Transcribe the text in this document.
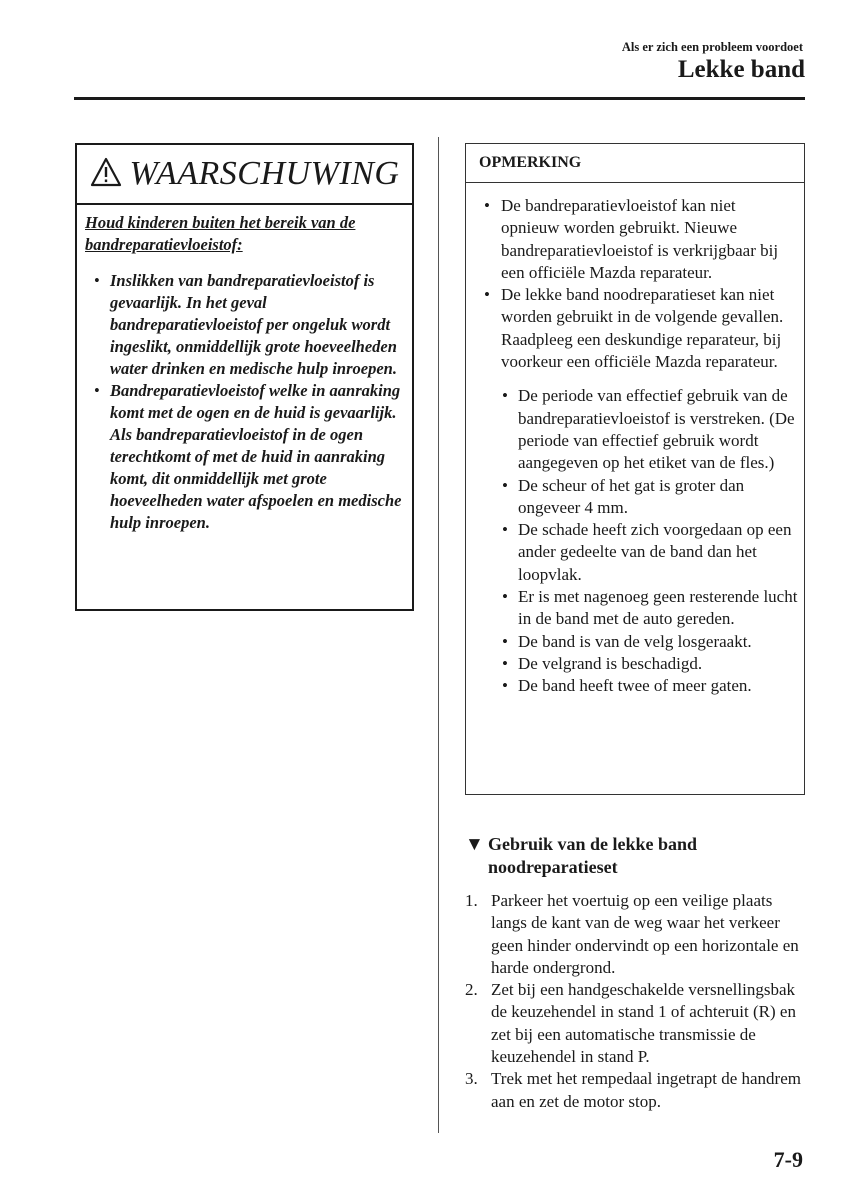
Als er zich een probleem voordoet
Lekke band
WAARSCHUWING
Houd kinderen buiten het bereik van de bandreparatievloeistof:
• Inslikken van bandreparatievloeistof is gevaarlijk. In het geval bandreparatievloeistof per ongeluk wordt ingeslikt, onmiddellijk grote hoeveelheden water drinken en medische hulp inroepen.
• Bandreparatievloeistof welke in aanraking komt met de ogen en de huid is gevaarlijk. Als bandreparatievloeistof in de ogen terechtkomt of met de huid in aanraking komt, dit onmiddellijk met grote hoeveelheden water afspoelen en medische hulp inroepen.
OPMERKING
• De bandreparatievloeistof kan niet opnieuw worden gebruikt. Nieuwe bandreparatievloeistof is verkrijgbaar bij een officiële Mazda reparateur.
• De lekke band noodreparatieset kan niet worden gebruikt in de volgende gevallen.
Raadpleeg een deskundige reparateur, bij voorkeur een officiële Mazda reparateur.
• De periode van effectief gebruik van de bandreparatievloeistof is verstreken. (De periode van effectief gebruik wordt aangegeven op het etiket van de fles.)
• De scheur of het gat is groter dan ongeveer 4 mm.
• De schade heeft zich voorgedaan op een ander gedeelte van de band dan het loopvlak.
• Er is met nagenoeg geen resterende lucht in de band met de auto gereden.
• De band is van de velg losgeraakt.
• De velgrand is beschadigd.
• De band heeft twee of meer gaten.
▼ Gebruik van de lekke band noodreparatieset
1. Parkeer het voertuig op een veilige plaats langs de kant van de weg waar het verkeer geen hinder ondervindt op een horizontale en harde ondergrond.
2. Zet bij een handgeschakelde versnellingsbak de keuzehendel in stand 1 of achteruit (R) en zet bij een automatische transmissie de keuzehendel in stand P.
3. Trek met het rempedaal ingetrapt de handrem aan en zet de motor stop.
7-9
